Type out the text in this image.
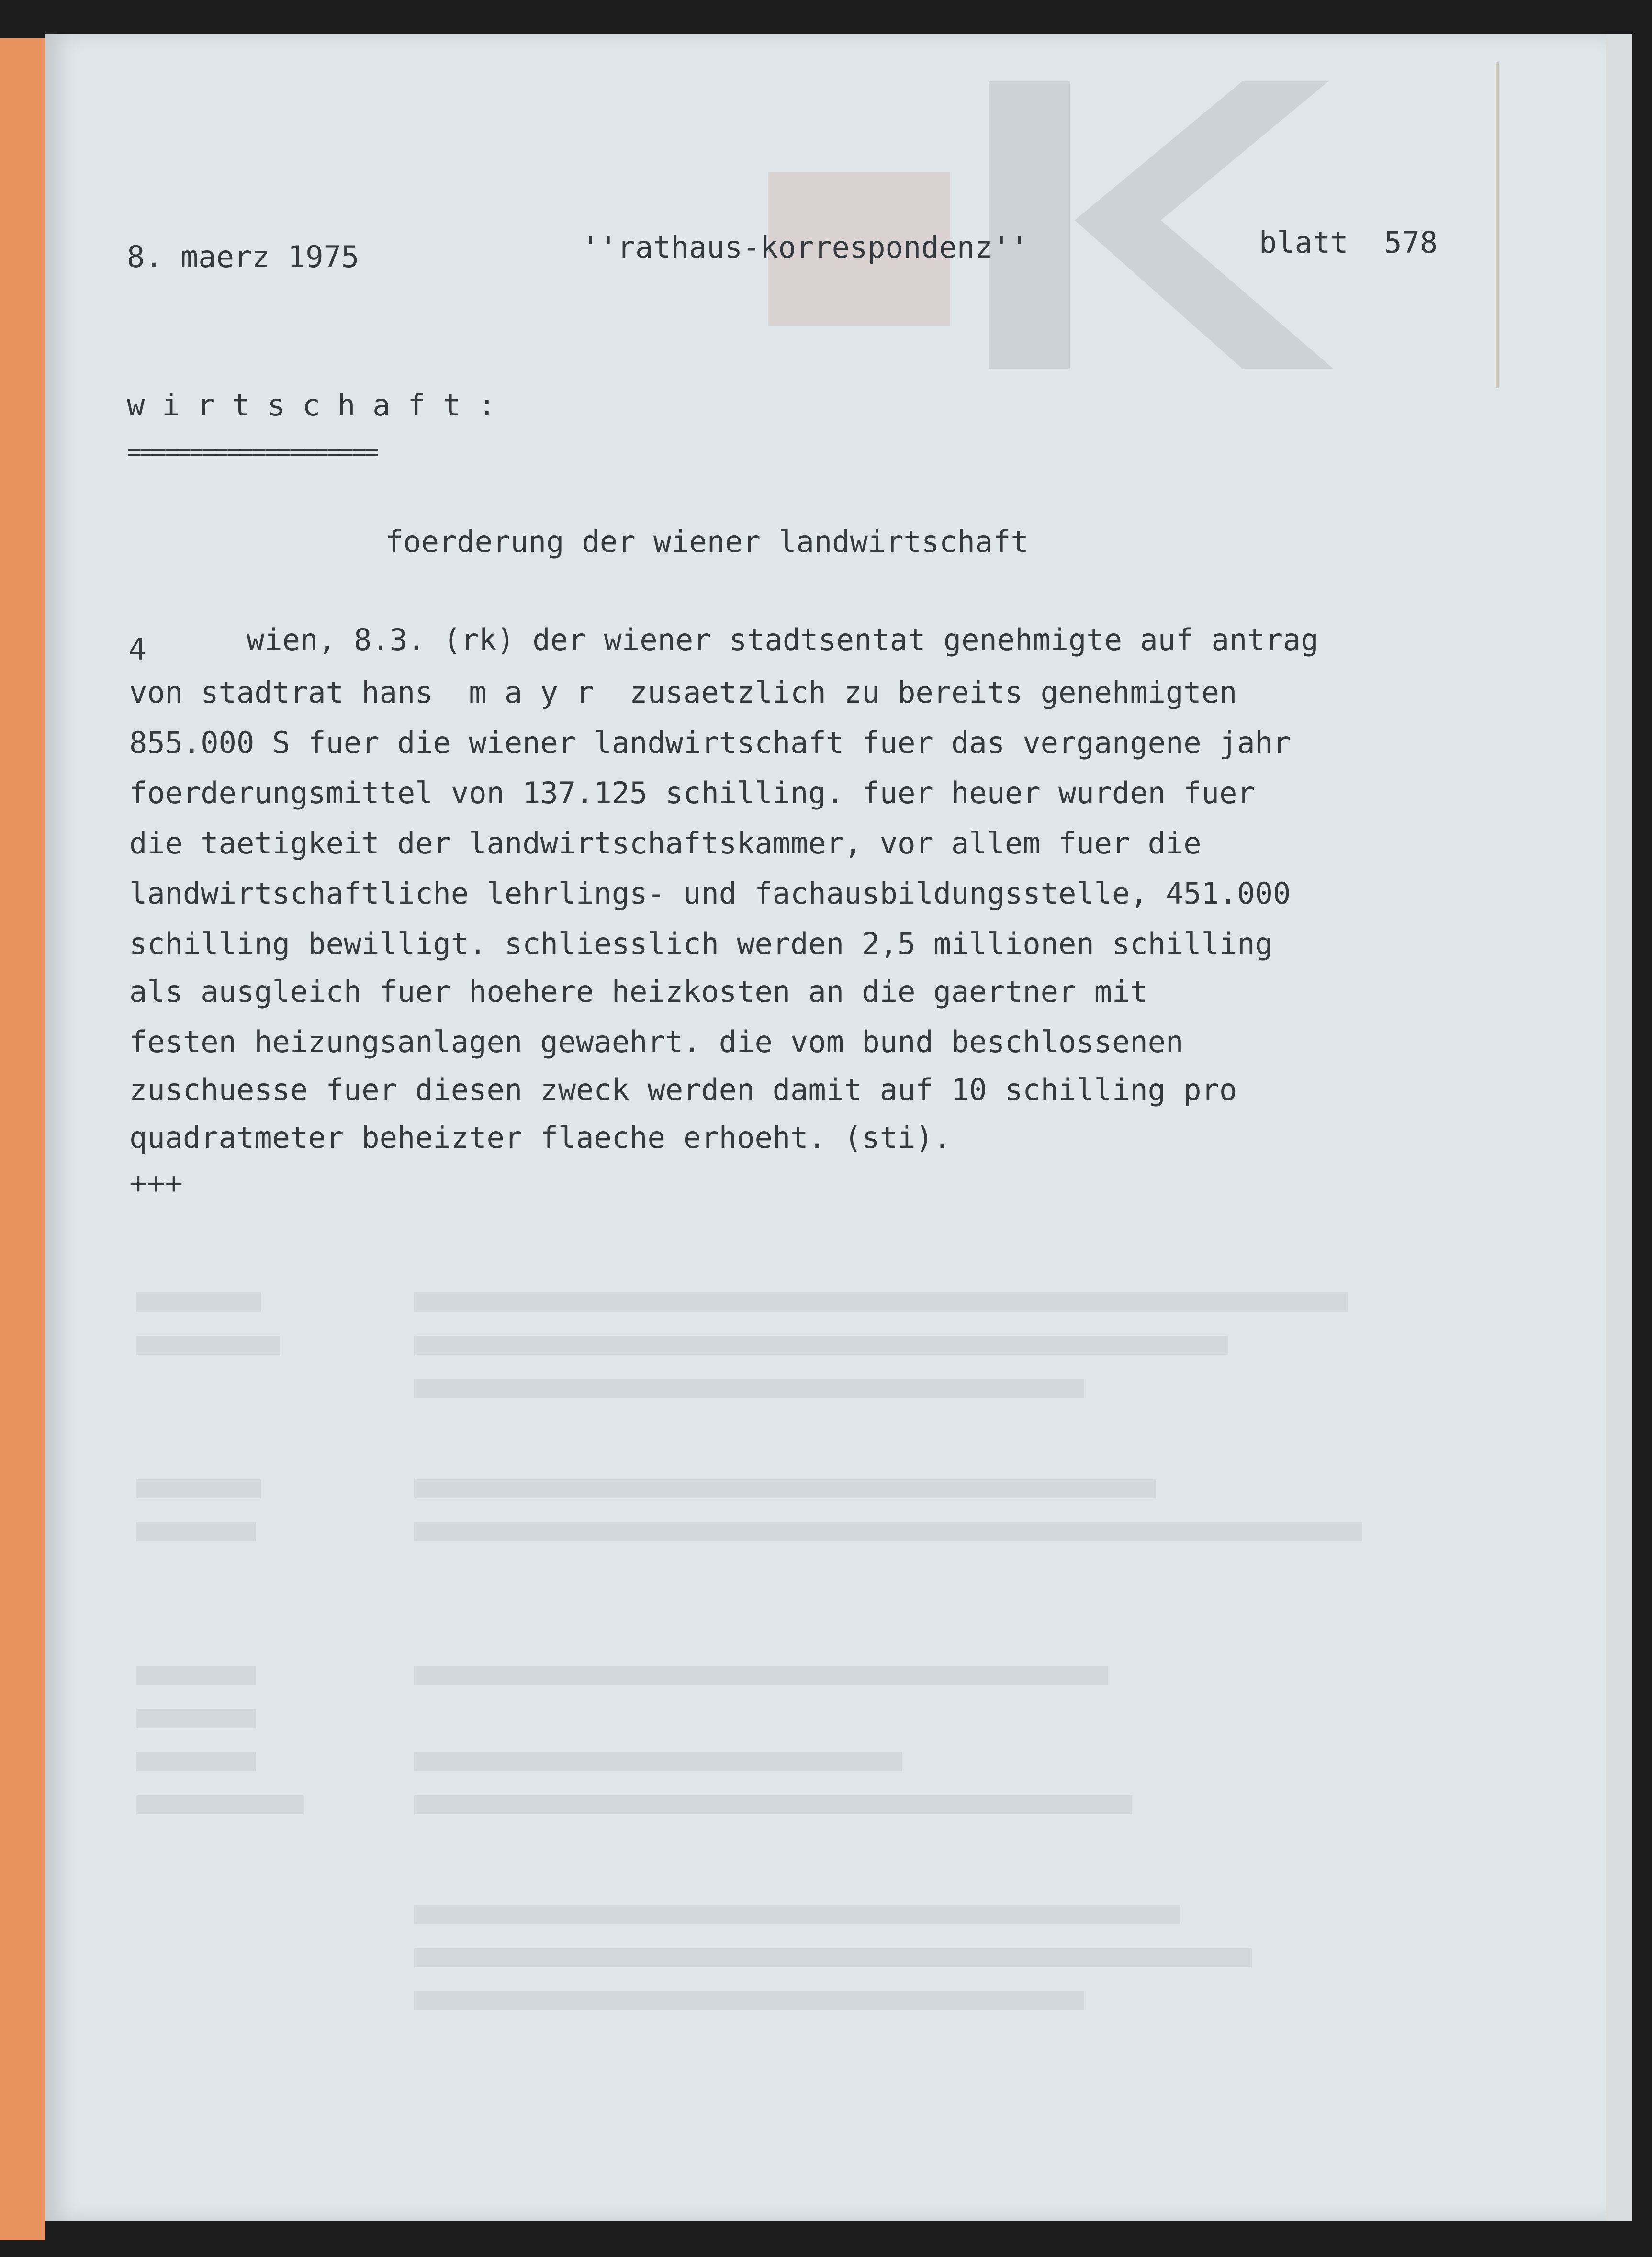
8. maerz 1975	''rathaus-korrespondenz''	blatt  578
wirtschaft:
====================
foerderung der wiener landwirtschaft
4	wien, 8.3. (rk) der wiener stadtsentat genehmigte auf antrag
von stadtrat hans  m a y r  zusaetzlich zu bereits genehmigten
855.000 S fuer die wiener landwirtschaft fuer das vergangene jahr
foerderungsmittel von 137.125 schilling. fuer heuer wurden fuer
die taetigkeit der landwirtschaftskammer, vor allem fuer die
landwirtschaftliche lehrlings- und fachausbildungsstelle, 451.000
schilling bewilligt. schliesslich werden 2,5 millionen schilling
als ausgleich fuer hoehere heizkosten an die gaertner mit
festen heizungsanlagen gewaehrt. die vom bund beschlossenen
zuschuesse fuer diesen zweck werden damit auf 10 schilling pro
quadratmeter beheizter flaeche erhoeht. (sti).
+++
